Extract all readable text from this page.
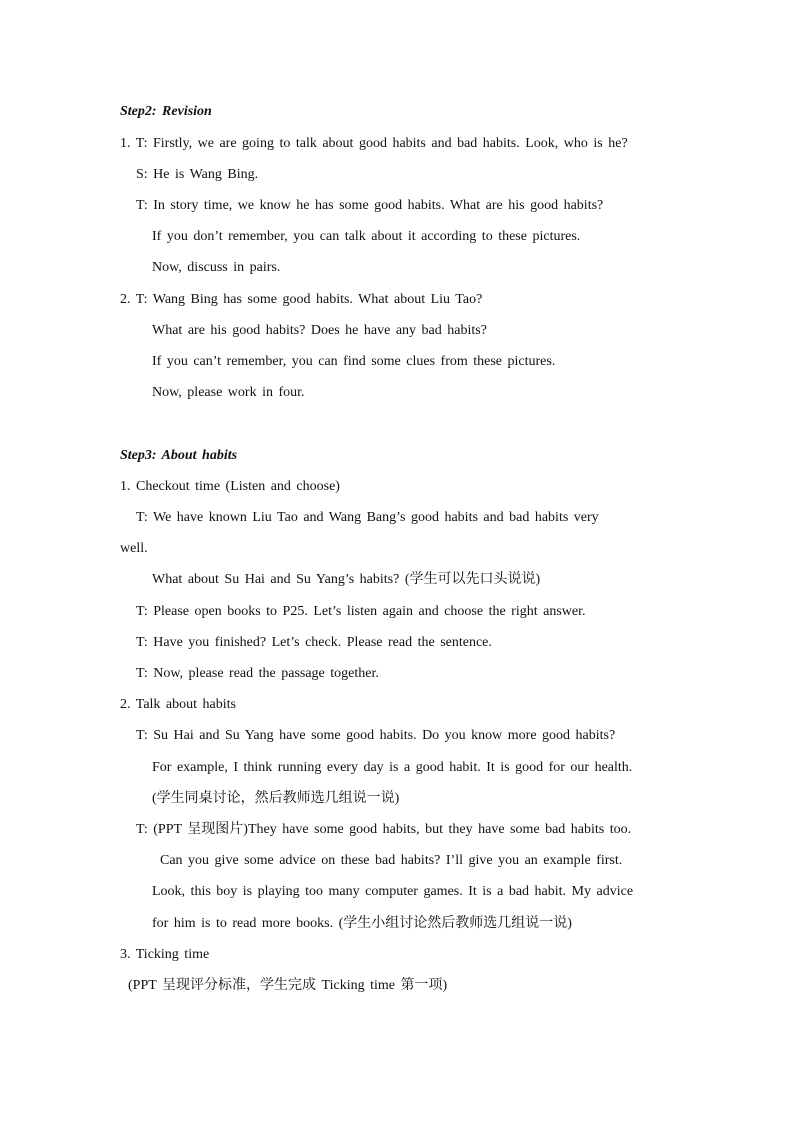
Step2: Revision
1. T: Firstly, we are going to talk about good habits and bad habits. Look, who is he?
S: He is Wang Bing.
T: In story time, we know he has some good habits. What are his good habits?
If you don’t remember, you can talk about it according to these pictures.
Now, discuss in pairs.
2. T: Wang Bing has some good habits. What about Liu Tao?
What are his good habits? Does he have any bad habits?
If you can’t remember, you can find some clues from these pictures.
Now, please work in four.
Step3: About habits
1. Checkout time (Listen and choose)
T: We have known Liu Tao and Wang Bang’s good habits and bad habits very
well.
What about Su Hai and Su Yang’s habits? (学生可以先口头说说)
T: Please open books to P25. Let’s listen again and choose the right answer.
T: Have you finished? Let’s check. Please read the sentence.
T: Now, please read the passage together.
2. Talk about habits
T: Su Hai and Su Yang have some good habits. Do you know more good habits?
For example, I think running every day is a good habit. It is good for our health.
(学生同桌讨论，然后教师选几组说一说)
T: (PPT 呈现图片)They have some good habits, but they have some bad habits too.
Can you give some advice on these bad habits? I’ll give you an example first.
Look, this boy is playing too many computer games. It is a bad habit. My advice
for him is to read more books. (学生小组讨论然后教师选几组说一说)
3. Ticking time
(PPT 呈现评分标准，学生完成 Ticking time 第一项)
